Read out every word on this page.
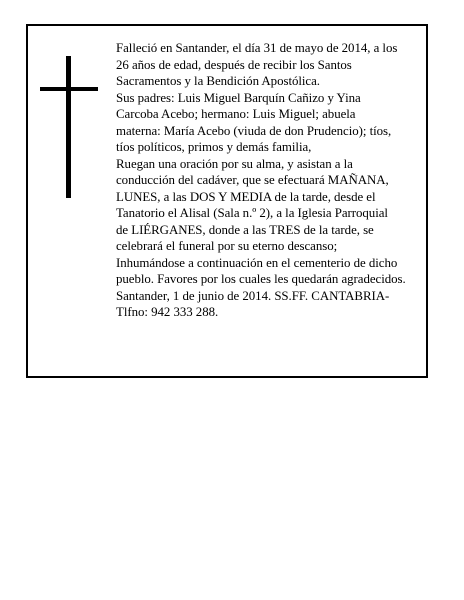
Falleció en Santander, el día 31 de mayo de 2014, a los
26 años de edad, después de recibir los Santos
Sacramentos y la Bendición Apostólica.
Sus padres: Luis Miguel Barquín Cañizo y Yina
Carcoba Acebo; hermano: Luis Miguel; abuela
materna: María Acebo (viuda de don Prudencio); tíos,
tíos políticos, primos y demás familia,
Ruegan una oración por su alma, y asistan a la
conducción del cadáver, que se efectuará MAÑANA,
LUNES, a las DOS Y MEDIA de la tarde, desde el
Tanatorio el Alisal (Sala n.º 2), a la Iglesia Parroquial
de LIÉRGANES, donde a las TRES de la tarde, se
celebrará el funeral por su eterno descanso;
Inhumándose a continuación en el cementerio de dicho
pueblo. Favores por los cuales les quedarán agradecidos.
Santander, 1 de junio de 2014. SS.FF. CANTABRIA-
Tlfno: 942 333 288.
